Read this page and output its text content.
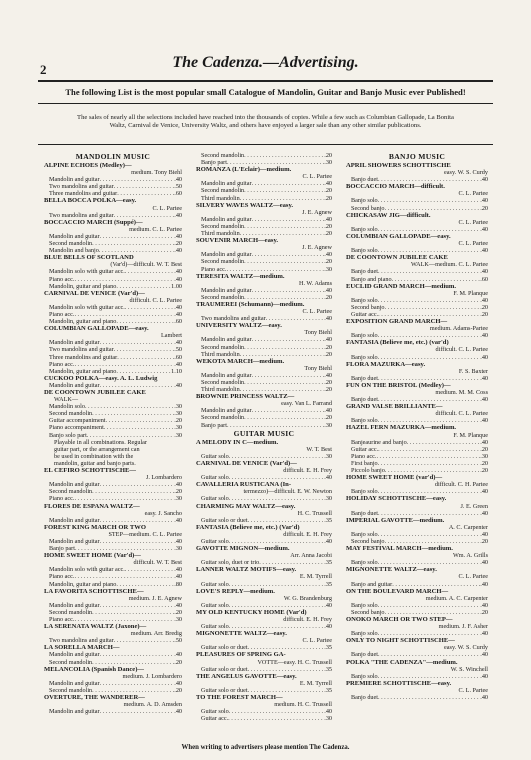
2	The Cadenza.—Advertising.
The following List is the most popular small Catalogue of Mandolin, Guitar and Banjo Music ever Published!
The sales of nearly all the selections included have reached into the thousands of copies. While a few such as Columbian Gallopade, La Bonita Waltz, Carnival de Venice, University Waltz, and others have enjoyed a larger sale than any other similar publications.
MANDOLIN MUSIC
ALPINE ECHOES (Medley)—
medium. Tony Biehl
Mandolin and guitar . . .	.40
Two mandolins and guitar . . .	.50
Three mandolins and guitar . . .	.60
BELLA BOCCA POLKA—easy.
C. L. Partee
Two mandolins and guitar . . .	.40
BOCCACCIO MARCH (Suppé)—
medium. C. L. Partee
Mandolin and guitar . . .	.40
Second mandolin . . .	.20
Mandolin and banjo . . .	.40
BLUE BELLS OF SCOTLAND
(Var'd)—difficult. W. T. Best
Mandolin solo with guitar acc. . . .	.40
Piano acc. . . .	.40
Mandolin, guitar and piano . . .	1.00
CARNIVAL DE VENICE (Var'd)—
difficult. C. L. Partee
Mandolin solo with guitar acc. . . .	.40
Piano acc. . . .	.40
Mandolin, guitar and piano . . .	.60
COLUMBIAN GALLOPADE—easy.
Lambert
Mandolin and guitar . . .	.40
Two mandolins and guitar . . .	.50
Three mandolins and guitar . . .	.60
Piano acc. . . .	.40
Mandolin, guitar and piano . . .	1.10
CUCKOO POLKA—easy. A. L. Ludwig
Mandolin and guitar . . .	.40
DE COONTOWN JUBILEE CAKE
WALK—
Mandolin solo . . .	.30
Second mandolin . . .	.30
Guitar accompaniment . . .	.20
Piano accompaniment . . .	.30
Banjo solo part . . .	.30
Playable in all combinations. Regular
guitar part, or the arrangement can
be used in combination with the
mandolin, guitar and banjo parts.
EL CEFIRO SCHOTTISCHE—
J. Lombardero
Mandolin and guitar . . .	.40
Second mandolin . . .	.20
Piano acc. . . .	.30
FLORES DE ESPANA WALTZ—
easy. J. Sancho
Mandolin and guitar . . .	.40
FOREST KING MARCH OR TWO
STEP—medium. C. L. Partee
Mandolin and guitar . . .	.40
Banjo part . . .	.30
HOME SWEET HOME (Var'd)—
difficult. W. T. Best
Mandolin solo with guitar acc. . . .	.40
Piano acc. . . .	.40
Mandolin, guitar and piano . . .	.80
LA FAVORITA SCHOTTISCHE—
medium. J. E. Agnew
Mandolin and guitar . . .	.40
Second mandolin . . .	.20
Piano acc. . . .	.30
LA SERENATA WALTZ (Jaxone)—
medium. Arr. Bredig
Two mandolins and guitar . . .	.50
LA SORELLA MARCH—
Mandolin and guitar . . .	.40
Second mandolin . . .	.20
MELANCOLIA (Spanish Dance)—
medium. J. Lombardero
Mandolin and guitar . . .	.40
Second mandolin . . .	.20
OVERTURE, THE WANDERER—
medium. A. D. Amsden
Mandolin and guitar . . .	.40
Second mandolin . . .	.20
Banjo part . . .	.30
ROMANZA (L'Eclair)—medium.
C. L. Partee
Mandolin and guitar . . .	.40
Second mandolin . . .	.20
Third mandolin . . .	.20
SILVERY WAVES WALTZ—easy.
J. E. Agnew
Mandolin and guitar . . .	.40
Second mandolin . . .	.20
Third mandolin . . .	.20
SOUVENIR MARCH—easy.
J. E. Agnew
Mandolin and guitar . . .	.40
Second mandolin . . .	.20
Piano acc. . . .	.30
TERESITA WALTZ—medium.
H. W. Adams
Mandolin and guitar . . .	.40
Second mandolin . . .	.20
TRAUMEREI (Schumann)—medium.
C. L. Partee
Two mandolins and guitar . . .	.40
UNIVERSITY WALTZ—easy.
Tony Biehl
Mandolin and guitar . . .	.40
Second mandolin . . .	.20
Third mandolin . . .	.20
WEKOTA MARCH—medium.
Tony Biehl
Mandolin and guitar . . .	.40
Second mandolin . . .	.20
Third mandolin . . .	.20
BROWNIE PRINCESS WALTZ—
easy. Van L. Farrand
Mandolin and guitar . . .	.40
Second mandolin . . .	.20
Banjo part . . .	.30
GUITAR MUSIC
A MELODY IN C—medium.
W. T. Best
Guitar solo . . .	.30
CARNIVAL DE VENICE (Var'd)—
difficult. E. H. Frey
Guitar solo . . .	.40
CAVALLERIA RUSTICANA (In-
termezzo)—difficult. E. W. Newton
Guitar solo . . .	.30
CHARMING MAY WALTZ—easy.
H. C. Trussell
Guitar solo or duet . . .	.35
FANTASIA (Believe me, etc.) (Var'd)
difficult. E. H. Frey
Guitar solo . . .	.40
GAVOTTE MIGNON—medium.
Arr. Anna Jacobi
Guitar solo, duet or trio . . .	.35
LANNER WALTZ MOTIFS—easy.
E. M. Tyrrell
Guitar solo . . .	.35
LOVE'S REPLY—medium.
W. G. Brandenburg
Guitar solo . . .	.40
MY OLD KENTUCKY HOME (Var'd)
difficult. E. H. Frey
Guitar solo . . .	.40
MIGNONETTE WALTZ—easy.
C. L. Partee
Guitar solo or duet . . .	.35
PLEASURES OF SPRING GA-
VOTTE—easy. H. C. Trussell
Guitar solo or duet . . .	.35
THE ANGELUS GAVOTTE—easy.
E. M. Tyrrell
Guitar solo or duet . . .	.35
TO THE FOREST MARCH—
medium. H. C. Trussell
Guitar solo . . .	.40
Guitar acc. . . .	.30
BANJO MUSIC
APRIL SHOWERS SCHOTTISCHE
easy. W. S. Curdy
Banjo duet . . .	.40
BOCCACCIO MARCH—difficult.
C. L. Partee
Banjo solo . . .	.40
Second banjo . . .	.20
CHICKASAW JIG—difficult.
C. L. Partee
Banjo solo . . .	.40
COLUMBIAN GALLOPADE—easy.
C. L. Partee
Banjo solo . . .	.40
DE COONTOWN JUBILEE CAKE
WALK—medium. C. L. Partee
Banjo duet . . .	.40
Banjo and piano . . .	.60
EUCLID GRAND MARCH—medium.
F. M. Planque
Banjo solo . . .	.40
Second banjo . . .	.20
Guitar acc. . . .	.20
EXPOSITION GRAND MARCH—
medium. Adams-Partee
Banjo solo . . .	.40
FANTASIA (Believe me, etc.) (var'd)
difficult. C. L. Partee
Banjo solo . . .	.40
FLORA MAZURKA—easy.
F. S. Baxter
Banjo duet . . .	.40
FUN ON THE BRISTOL (Medley)—
medium. M. M. Coss
Banjo duet . . .	.40
GRAND VALSE BRILLIANTE—
difficult. C. L. Partee
Banjo solo . . .	.40
HAZEL FERN MAZURKA—medium.
F. M. Planque
Banjeaurine and banjo . . .	.40
Guitar acc. . . .	.20
Piano acc. . . .	.30
First banjo . . .	.20
Piccolo banjo . . .	.20
HOME SWEET HOME (var'd)—
difficult. C. H. Partee
Banjo solo . . .	.40
HOLIDAY SCHOTTISCHE—easy.
J. E. Green
Banjo duet . . .	.40
IMPERIAL GAVOTTE—medium.
A. C. Carpenter
Banjo solo . . .	.40
Second banjo . . .	.20
MAY FESTIVAL MARCH—medium.
Wm. A. Grills
Banjo solo . . .	.40
MIGNONETTE WALTZ—easy.
C. L. Partee
Banjo and guitar . . .	.40
ON THE BOULEVARD MARCH—
medium. A. C. Carpenter
Banjo solo . . .	.40
Second banjo . . .	.20
ONOKO MARCH OR TWO STEP—
medium. J. F. Asher
Banjo solo . . .	.40
ONLY TO NIGHT SCHOTTISCHE—
easy. W. S. Curdy
Banjo duet . . .	.40
POLKA "THE CADENZA"—medium.
W. S. Winchell
Banjo solo . . .	.40
PREMIERE SCHOTTISCHE—easy.
C. L. Partee
Banjo duet . . .	.40
When writing to advertisers please mention The Cadenza.
